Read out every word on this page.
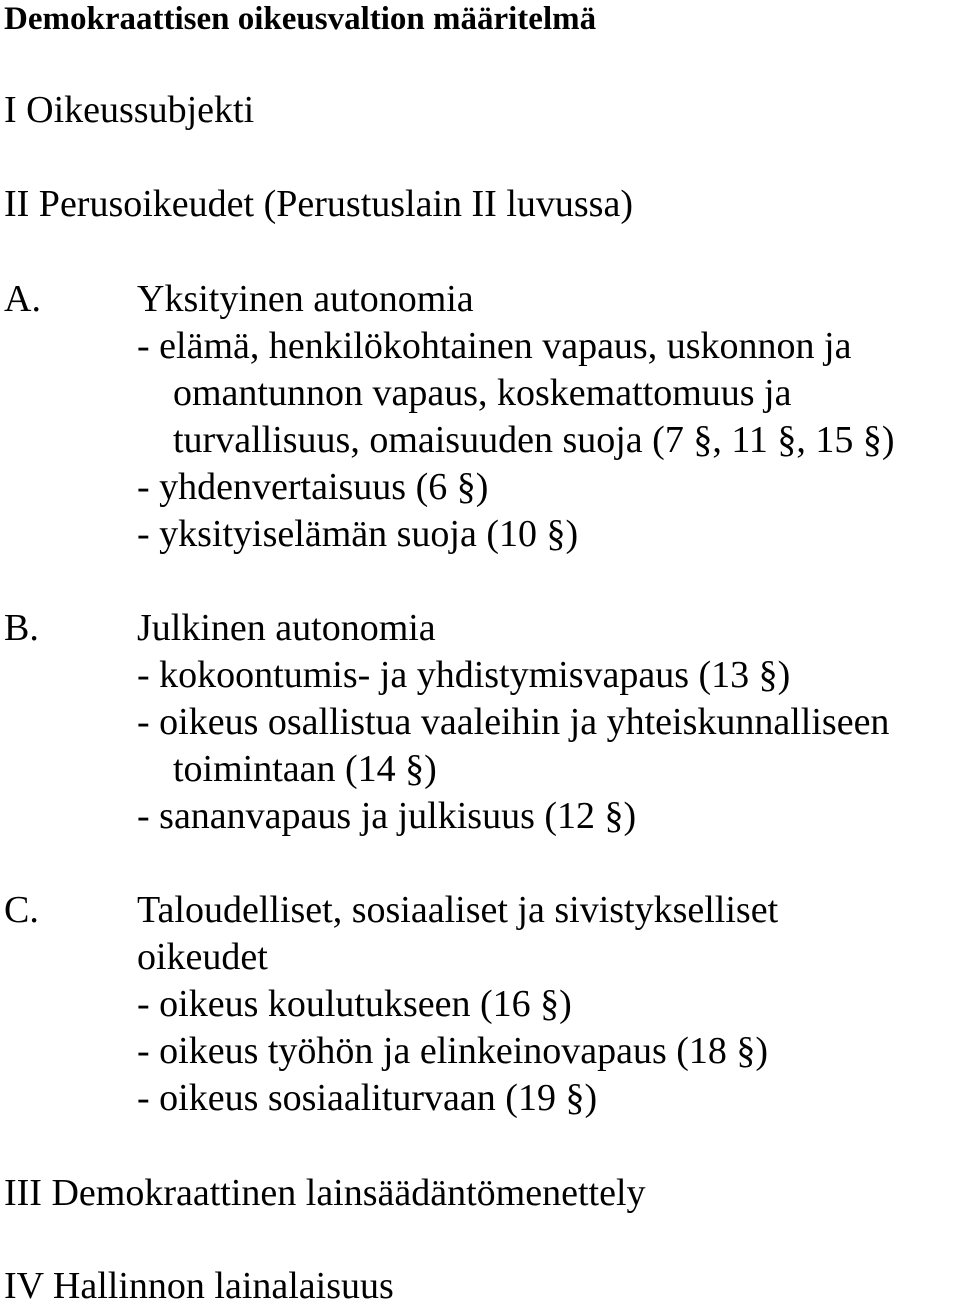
Demokraattisen oikeusvaltion määritelmä
I Oikeussubjekti
II Perusoikeudet (Perustuslain II luvussa)
A.	Yksityinen autonomia
- elämä, henkilökohtainen vapaus, uskonnon ja
omantunnon vapaus, koskemattomuus ja
turvallisuus, omaisuuden suoja (7 §, 11 §, 15 §)
- yhdenvertaisuus (6 §)
- yksityiselämän suoja (10 §)
B.	Julkinen autonomia
- kokoontumis- ja yhdistymisvapaus (13 §)
- oikeus osallistua vaaleihin ja yhteiskunnalliseen
toimintaan (14 §)
- sananvapaus ja julkisuus (12 §)
C.	Taloudelliset, sosiaaliset ja sivistykselliset
oikeudet
- oikeus koulutukseen (16 §)
- oikeus työhön ja elinkeinovapaus (18 §)
- oikeus sosiaaliturvaan (19 §)
III Demokraattinen lainsäädäntömenettely
IV Hallinnon lainalaisuus
